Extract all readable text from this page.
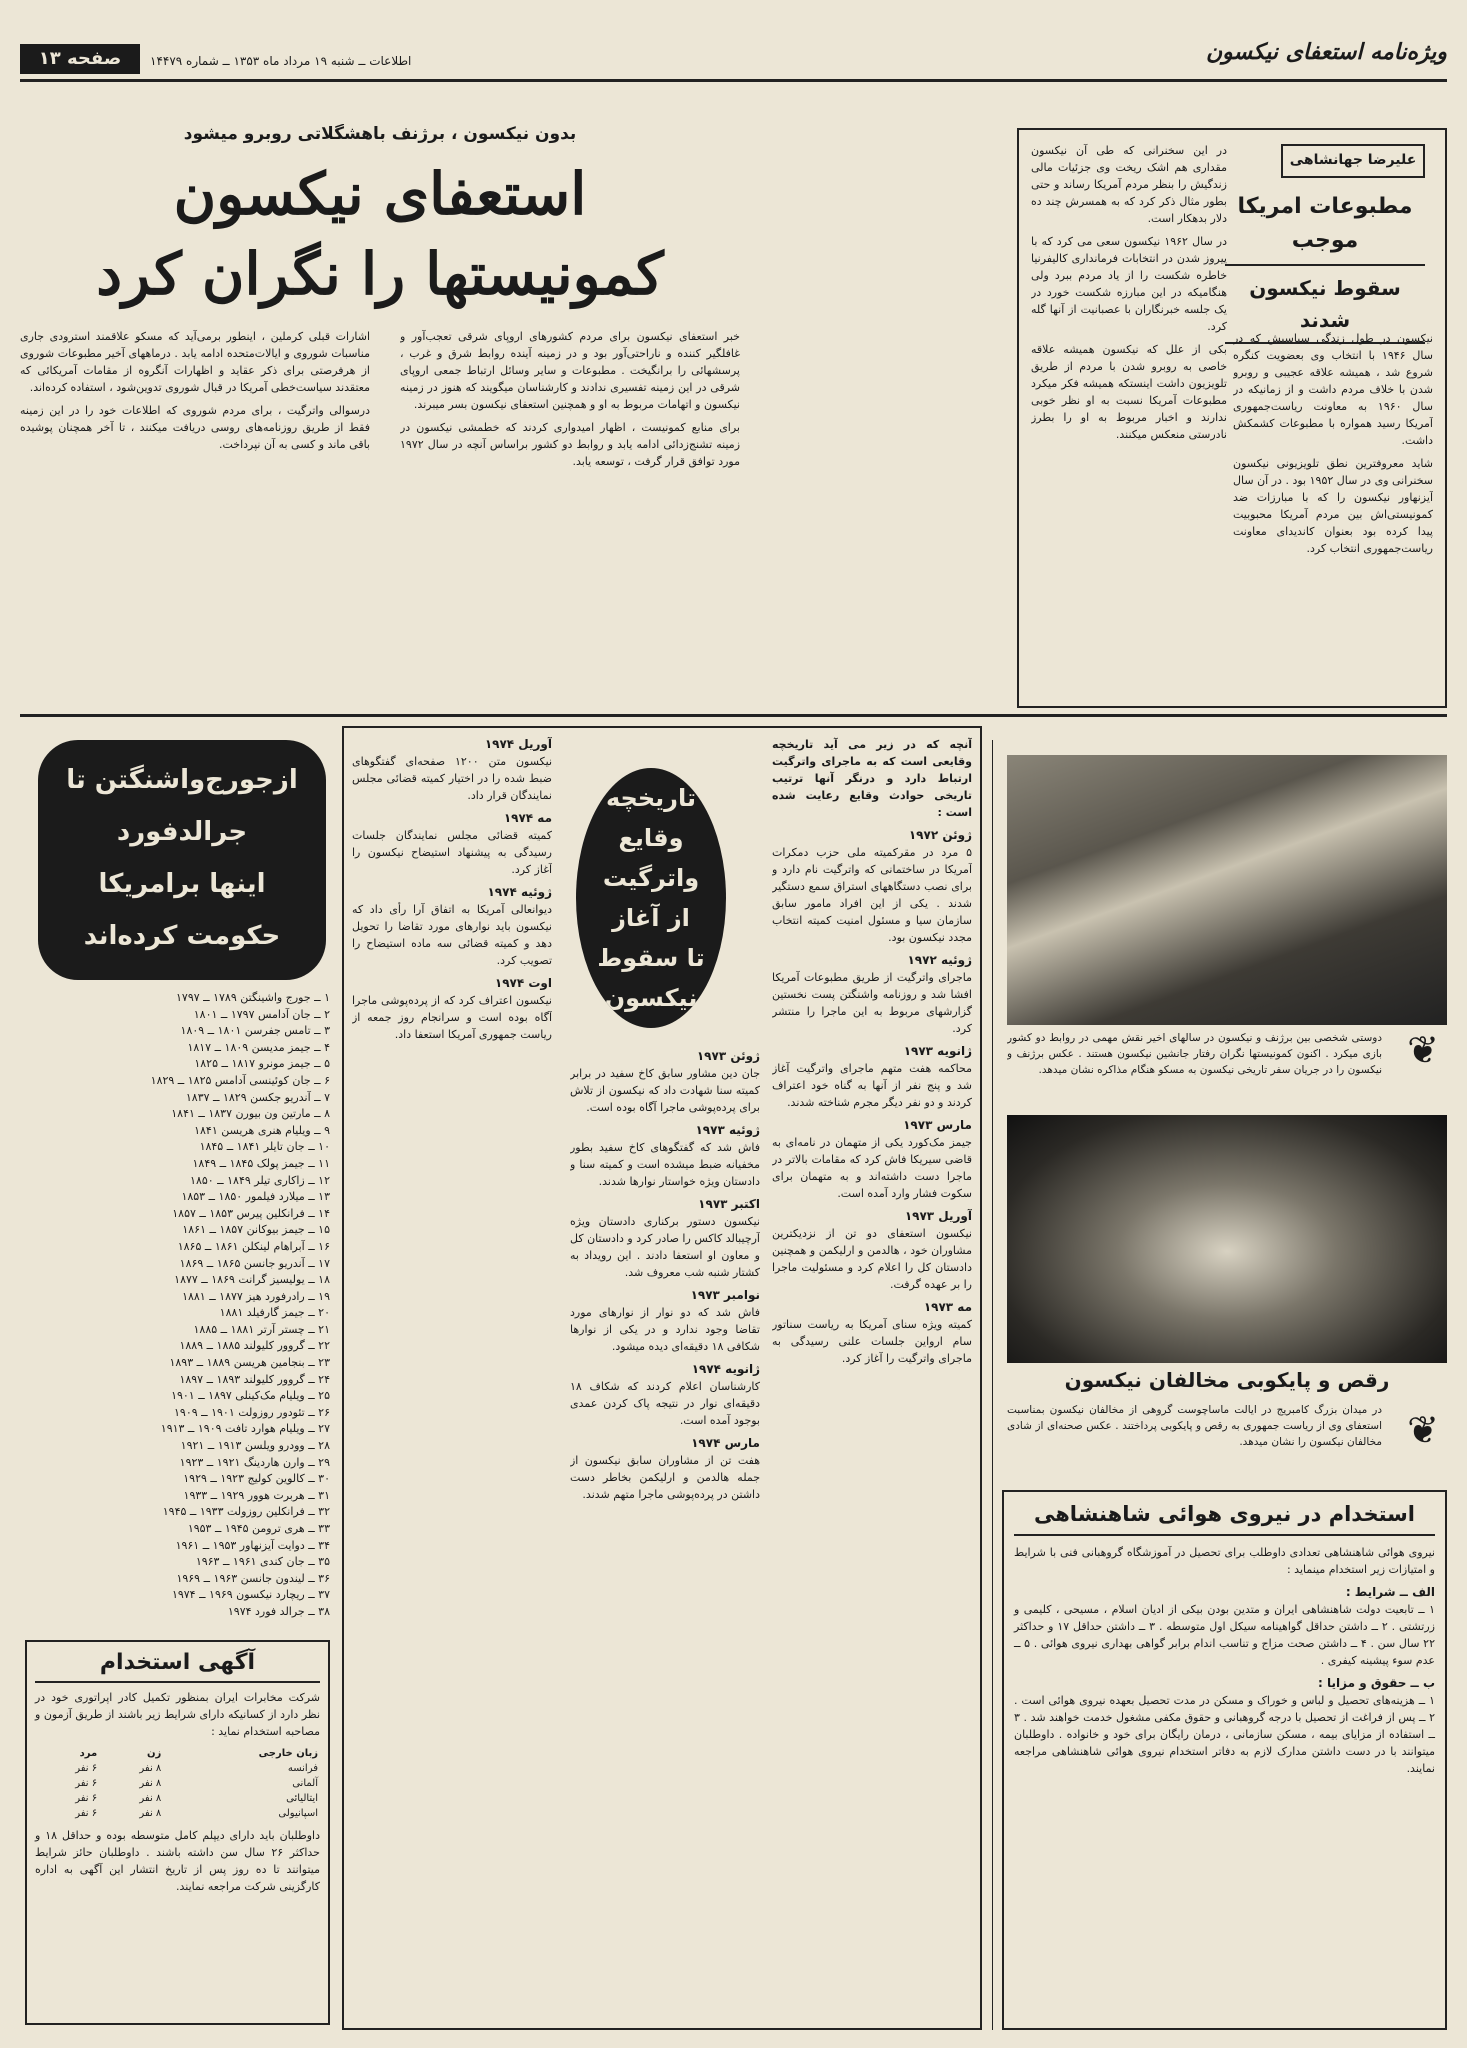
ویژه‌نامه استعفای نیکسون
اطلاعات ــ شنبه ۱۹ مرداد ماه ۱۳۵۳ ــ شماره ۱۴۴۷۹
صفحه ۱۳
علیرضا جهانشاهی
مطبوعات امریکا موجب
سقوط نیکسون شدند

نیکسون در طول زندگی سیاسیش که در سال ۱۹۴۶ با انتخاب وی بعضویت کنگره شروع شد ، همیشه علاقه عجیبی و روبرو شدن با خلاف مردم داشت و از زمانیکه در سال ۱۹۶۰ به معاونت ریاست‌جمهوری آمریکا رسید همواره با مطبوعات کشمکش داشت.

شاید معروفترین نطق تلویزیونی نیکسون سخنرانی وی در سال ۱۹۵۲ بود . در آن سال آیزنهاور نیکسون را که با مبارزات ضد کمونیستی‌اش بین مردم آمریکا محبوبیت پیدا کرده بود بعنوان کاندیدای معاونت ریاست‌جمهوری انتخاب کرد.

در این سخنرانی که طی آن نیکسون مقداری هم اشک ریخت وی جزئیات مالی زندگیش را بنظر مردم آمریکا رساند و حتی بطور مثال ذکر کرد که به همسرش چند ده دلار بدهکار است.

در سال ۱۹۶۲ نیکسون سعی می کرد که با پیروز شدن در انتخابات فرمانداری کالیفرنیا خاطره شکست را از یاد مردم ببرد ولی هنگامیکه در این مبارزه شکست خورد در یک جلسه خبرنگاران با عصبانیت از آنها گله کرد.

بکی از علل که نیکسون همیشه علاقه خاصی به روبرو شدن با مردم از طریق تلویزیون داشت اینستکه همیشه فکر میکرد مطبوعات آمریکا نسبت به او نظر خوبی ندارند و اخبار مربوط به او را بطرز نادرستی منعکس میکنند.

بدون نیکسون ، برژنف باهشگلاتی روبرو میشود
استعفای نیکسون
کمونیستها را نگران کرد

خبر استعفای نیکسون برای مردم کشورهای اروپای شرقی تعجب‌آور و غافلگیر کننده و ناراحتی‌آور بود و در زمینه آینده روابط شرق و غرب ، پرسشهائی را برانگیخت . مطبوعات و سایر وسائل ارتباط جمعی اروپای شرقی در این زمینه تفسیری ندادند و کارشناسان میگویند که هنوز در زمینه نیکسون و اتهامات مربوط به او و همچنین استعفای نیکسون بسر میبرند.

برای منابع کمونیست ، اظهار امیدواری کردند که خطمشی نیکسون در زمینه تشنج‌زدائی ادامه یابد و روابط دو کشور براساس آنچه در سال ۱۹۷۲ مورد توافق قرار گرفت ، توسعه یابد.

اشارات قبلی کرملین ، اینطور برمی‌آید که مسکو علاقمند استرودی جاری مناسبات شوروی و ایالات‌متحده ادامه یابد . درماههای آخیر مطبوعات شوروی از هرفرصتی برای ذکر عقاید و اظهارات آنگروه از مقامات آمریکائی که معتقدند سیاست‌خطی آمریکا در قبال شوروی تدوین‌شود ، استفاده کرده‌اند.

درسوالی واترگیت ، برای مردم شوروی که اطلاعات خود را در این زمینه فقط از طریق روزنامه‌های روسی دریافت میکنند ، تا آخر همچنان پوشیده باقی ماند و کسی به آن نپرداخت.

دوستی شخصی بین برژنف و نیکسون در سالهای اخیر نقش مهمی در روابط دو کشور بازی میکرد . اکنون کمونیستها نگران رفتار جانشین نیکسون هستند . عکس برژنف و نیکسون را در جریان سفر تاریخی نیکسون به مسکو هنگام مذاکره نشان میدهد. ❦
رقص و پایکوبی مخالفان نیکسون
در میدان بزرگ کامبریج در ایالت ماساچوست گروهی از مخالفان نیکسون بمناسبت استعفای وی از ریاست جمهوری به رقص و پایکوبی پرداختند . عکس صحنه‌ای از شادی مخالفان نیکسون را نشان میدهد. ❦
استخدام در نیروی هوائی شاهنشاهی

نیروی هوائی شاهنشاهی تعدادی داوطلب برای تحصیل در آموزشگاه گروهبانی فنی با شرایط و امتیازات زیر استخدام مینماید :

الف ــ شرایط :

۱ ــ تابعیت دولت شاهنشاهی ایران و متدین بودن بیکی از ادیان اسلام ، مسیحی ، کلیمی و زرتشتی . ۲ ــ داشتن حداقل گواهینامه سیکل اول متوسطه . ۳ ــ داشتن حداقل ۱۷ و حداکثر ۲۲ سال سن . ۴ ــ داشتن صحت مزاج و تناسب اندام برابر گواهی بهداری نیروی هوائی . ۵ ــ عدم سوء پیشینه کیفری .

ب ــ حقوق و مزایا :

۱ ــ هزینه‌های تحصیل و لباس و خوراک و مسکن در مدت تحصیل بعهده نیروی هوائی است . ۲ ــ پس از فراغت از تحصیل با درجه گروهبانی و حقوق مکفی مشغول خدمت خواهند شد . ۳ ــ استفاده از مزایای بیمه ، مسکن سازمانی ، درمان رایگان برای خود و خانواده . داوطلبان میتوانند با در دست داشتن مدارک لازم به دفاتر استخدام نیروی هوائی شاهنشاهی مراجعه نمایند.

تاریخچه
وقایع
واترگیت
از آغاز
تا سقوط
نیکسون

آنچه که در زیر می آید تاریخچه وقایعی است که به ماجرای واترگیت ارتباط دارد و درنگر آنها ترتیب تاریخی حوادث وقایع رعایت شده است :

ژوئن ۱۹۷۲

۵ مرد در مقرکمیته ملی حزب دمکرات آمریکا در ساختمانی که واترگیت نام دارد و برای نصب دستگاههای استراق سمع دستگیر شدند . یکی از این افراد مامور سابق سازمان سیا و مسئول امنیت کمیته انتخاب مجدد نیکسون بود.

ژوئیه ۱۹۷۲

ماجرای واترگیت از طریق مطبوعات آمریکا افشا شد و روزنامه واشنگتن پست نخستین گزارشهای مربوط به این ماجرا را منتشر کرد.

ژانویه ۱۹۷۳

محاکمه هفت متهم ماجرای واترگیت آغاز شد و پنج نفر از آنها به گناه خود اعتراف کردند و دو نفر دیگر مجرم شناخته شدند.

مارس ۱۹۷۳

جیمز مک‌کورد یکی از متهمان در نامه‌ای به قاضی سیریکا فاش کرد که مقامات بالاتر در ماجرا دست داشته‌اند و به متهمان برای سکوت فشار وارد آمده است.

آوریل ۱۹۷۳

نیکسون استعفای دو تن از نزدیکترین مشاوران خود ، هالدمن و ارلیکمن و همچنین دادستان کل را اعلام کرد و مسئولیت ماجرا را بر عهده گرفت.

مه ۱۹۷۳

کمیته ویژه سنای آمریکا به ریاست سناتور سام ارواین جلسات علنی رسیدگی به ماجرای واترگیت را آغاز کرد.

ژوئن ۱۹۷۳

جان دین مشاور سابق کاخ سفید در برابر کمیته سنا شهادت داد که نیکسون از تلاش برای پرده‌پوشی ماجرا آگاه بوده است.

ژوئیه ۱۹۷۳

فاش شد که گفتگوهای کاخ سفید بطور مخفیانه ضبط میشده است و کمیته سنا و دادستان ویژه خواستار نوارها شدند.

اکتبر ۱۹۷۳

نیکسون دستور برکناری دادستان ویژه آرچیبالد کاکس را صادر کرد و دادستان کل و معاون او استعفا دادند . این رویداد به کشتار شنبه شب معروف شد.

نوامبر ۱۹۷۳

فاش شد که دو نوار از نوارهای مورد تقاضا وجود ندارد و در یکی از نوارها شکافی ۱۸ دقیقه‌ای دیده میشود.

ژانویه ۱۹۷۴

کارشناسان اعلام کردند که شکاف ۱۸ دقیقه‌ای نوار در نتیجه پاک کردن عمدی بوجود آمده است.

مارس ۱۹۷۴

هفت تن از مشاوران سابق نیکسون از جمله هالدمن و ارلیکمن بخاطر دست داشتن در پرده‌پوشی ماجرا متهم شدند.

آوریل ۱۹۷۴

نیکسون متن ۱۲۰۰ صفحه‌ای گفتگوهای ضبط شده را در اختیار کمیته قضائی مجلس نمایندگان قرار داد.

مه ۱۹۷۴

کمیته قضائی مجلس نمایندگان جلسات رسیدگی به پیشنهاد استیضاح نیکسون را آغاز کرد.

ژوئیه ۱۹۷۴

دیوانعالی آمریکا به اتفاق آرا رأی داد که نیکسون باید نوارهای مورد تقاضا را تحویل دهد و کمیته قضائی سه ماده استیضاح را تصویب کرد.

اوت ۱۹۷۴

نیکسون اعتراف کرد که از پرده‌پوشی ماجرا آگاه بوده است و سرانجام روز جمعه از ریاست جمهوری آمریکا استعفا داد.

ازجورج‌واشنگتن تا
جرالدفورد
اینها برامریکا
حکومت کرده‌اند
۱ ــ جورج واشینگتن ۱۷۸۹ ــ ۱۷۹۷
۲ ــ جان آدامس ۱۷۹۷ ــ ۱۸۰۱
۳ ــ تامس جفرسن ۱۸۰۱ ــ ۱۸۰۹
۴ ــ جیمز مدیسن ۱۸۰۹ ــ ۱۸۱۷
۵ ــ جیمز مونرو ۱۸۱۷ ــ ۱۸۲۵
۶ ــ جان کوئینسی آدامس ۱۸۲۵ ــ ۱۸۲۹
۷ ــ آندریو جکسن ۱۸۲۹ ــ ۱۸۳۷
۸ ــ مارتین ون بیورن ۱۸۳۷ ــ ۱۸۴۱
۹ ــ ویلیام هنری هریسن ۱۸۴۱
۱۰ ــ جان تایلر ۱۸۴۱ ــ ۱۸۴۵
۱۱ ــ جیمز پولک ۱۸۴۵ ــ ۱۸۴۹
۱۲ ــ زاکاری تیلر ۱۸۴۹ ــ ۱۸۵۰
۱۳ ــ میلارد فیلمور ۱۸۵۰ ــ ۱۸۵۳
۱۴ ــ فرانکلین پیرس ۱۸۵۳ ــ ۱۸۵۷
۱۵ ــ جیمز بیوکانن ۱۸۵۷ ــ ۱۸۶۱
۱۶ ــ آبراهام لینکلن ۱۸۶۱ ــ ۱۸۶۵
۱۷ ــ آندریو جانسن ۱۸۶۵ ــ ۱۸۶۹
۱۸ ــ یولیسیز گرانت ۱۸۶۹ ــ ۱۸۷۷
۱۹ ــ رادرفورد هیز ۱۸۷۷ ــ ۱۸۸۱
۲۰ ــ جیمز گارفیلد ۱۸۸۱
۲۱ ــ چستر آرتر ۱۸۸۱ ــ ۱۸۸۵
۲۲ ــ گروور کلیولند ۱۸۸۵ ــ ۱۸۸۹
۲۳ ــ بنجامین هریسن ۱۸۸۹ ــ ۱۸۹۳
۲۴ ــ گروور کلیولند ۱۸۹۳ ــ ۱۸۹۷
۲۵ ــ ویلیام مک‌کینلی ۱۸۹۷ ــ ۱۹۰۱
۲۶ ــ تئودور روزولت ۱۹۰۱ ــ ۱۹۰۹
۲۷ ــ ویلیام هوارد تافت ۱۹۰۹ ــ ۱۹۱۳
۲۸ ــ وودرو ویلسن ۱۹۱۳ ــ ۱۹۲۱
۲۹ ــ وارن هاردینگ ۱۹۲۱ ــ ۱۹۲۳
۳۰ ــ کالوین کولیج ۱۹۲۳ ــ ۱۹۲۹
۳۱ ــ هربرت هوور ۱۹۲۹ ــ ۱۹۳۳
۳۲ ــ فرانکلین روزولت ۱۹۳۳ ــ ۱۹۴۵
۳۳ ــ هری ترومن ۱۹۴۵ ــ ۱۹۵۳
۳۴ ــ دوایت آیزنهاور ۱۹۵۳ ــ ۱۹۶۱
۳۵ ــ جان کندی ۱۹۶۱ ــ ۱۹۶۳
۳۶ ــ لیندون جانسن ۱۹۶۳ ــ ۱۹۶۹
۳۷ ــ ریچارد نیکسون ۱۹۶۹ ــ ۱۹۷۴
۳۸ ــ جرالد فورد ۱۹۷۴
آگهی استخدام

شرکت مخابرات ایران بمنظور تکمیل کادر اپراتوری خود در نظر دارد از کسانیکه دارای شرایط زیر باشند از طریق آزمون و مصاحبه استخدام نماید :

زبان خارجی	زن	مرد
فرانسه	۸ نفر	۶ نفر
آلمانی	۸ نفر	۶ نفر
ایتالیائی	۸ نفر	۶ نفر
اسپانیولی	۸ نفر	۶ نفر

داوطلبان باید دارای دیپلم کامل متوسطه بوده و حداقل ۱۸ و حداکثر ۲۶ سال سن داشته باشند . داوطلبان حائز شرایط میتوانند تا ده روز پس از تاریخ انتشار این آگهی به اداره کارگزینی شرکت مراجعه نمایند.
